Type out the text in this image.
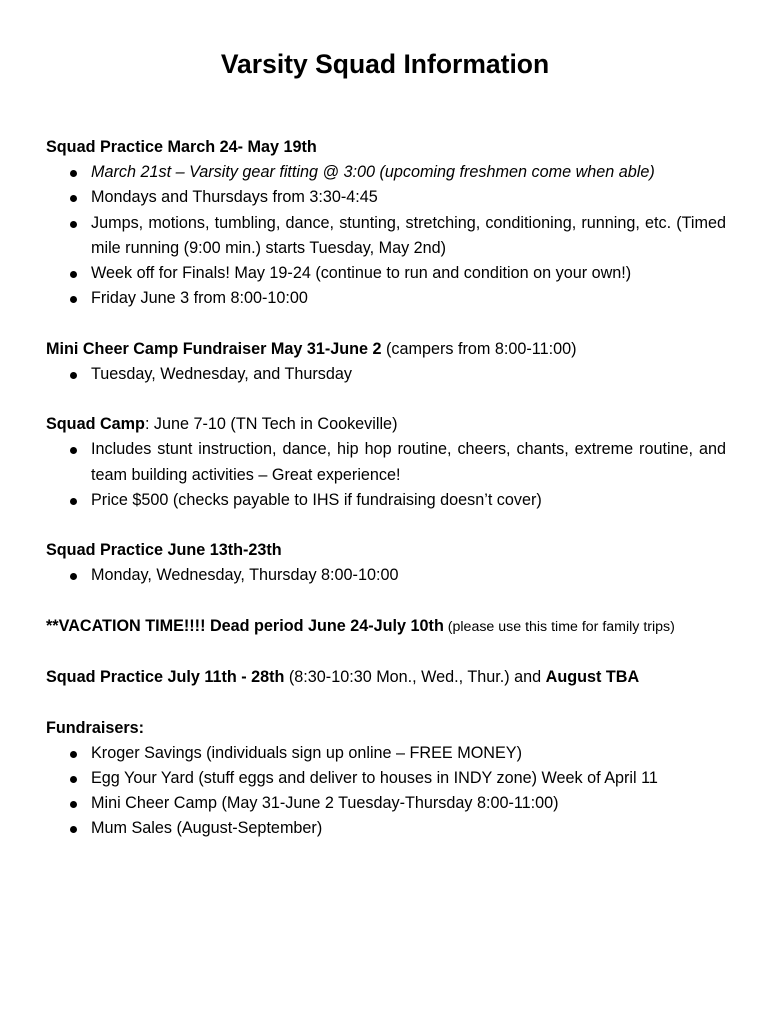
Varsity Squad Information

Squad Practice March 24- May 19th

March 21st – Varsity gear fitting @ 3:00 (upcoming freshmen come when able)
Mondays and Thursdays from 3:30-4:45
Jumps, motions, tumbling, dance, stunting, stretching, conditioning, running, etc. (Timed mile running (9:00 min.) starts Tuesday, May 2nd)
Week off for Finals! May 19-24 (continue to run and condition on your own!)
Friday June 3 from 8:00-10:00

Mini Cheer Camp Fundraiser May 31-June 2 (campers from 8:00-11:00)

Tuesday, Wednesday, and Thursday

Squad Camp: June 7-10 (TN Tech in Cookeville)

Includes stunt instruction, dance, hip hop routine, cheers, chants, extreme routine, and team building activities – Great experience!
Price $500 (checks payable to IHS if fundraising doesn’t cover)

Squad Practice June 13th-23th

Monday, Wednesday, Thursday 8:00-10:00

**VACATION TIME!!!! Dead period June 24-July 10th (please use this time for family trips)

Squad Practice July 11th - 28th (8:30-10:30 Mon., Wed., Thur.) and August TBA

Fundraisers:

Kroger Savings (individuals sign up online – FREE MONEY)
Egg Your Yard (stuff eggs and deliver to houses in INDY zone) Week of April 11
Mini Cheer Camp (May 31-June 2 Tuesday-Thursday 8:00-11:00)
Mum Sales (August-September)
